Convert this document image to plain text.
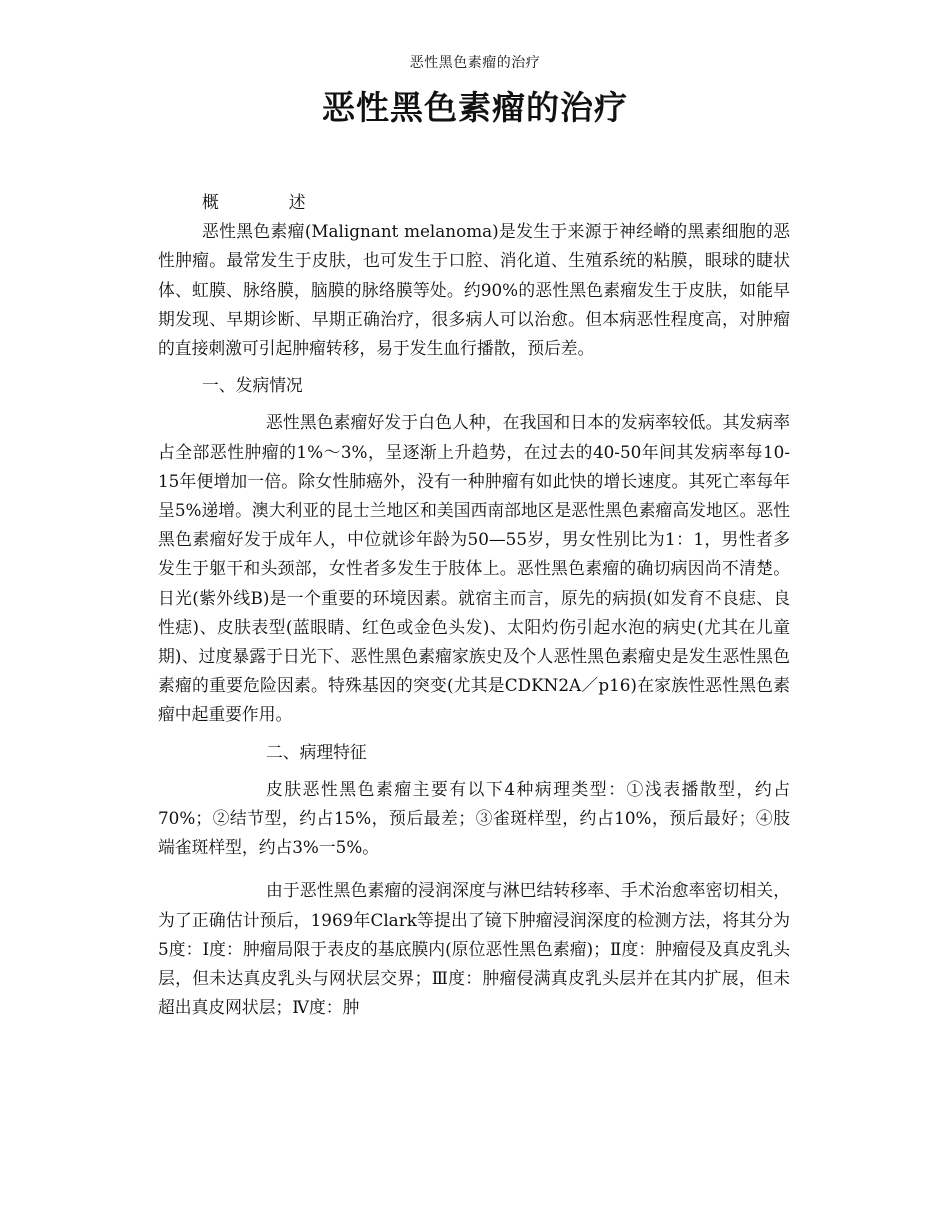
恶性黑色素瘤的治疗
恶性黑色素瘤的治疗

概	述

恶性黑色素瘤(Malignant melanoma)是发生于来源于神经嵴的黑素细胞的恶性肿瘤。最常发生于皮肤，也可发生于口腔、消化道、生殖系统的粘膜，眼球的睫状体、虹膜、脉络膜，脑膜的脉络膜等处。约90%的恶性黑色素瘤发生于皮肤，如能早期发现、早期诊断、早期正确治疗，很多病人可以治愈。但本病恶性程度高，对肿瘤的直接刺激可引起肿瘤转移，易于发生血行播散，预后差。

一、发病情况

恶性黑色素瘤好发于白色人种，在我国和日本的发病率较低。其发病率占全部恶性肿瘤的1%～3%，呈逐渐上升趋势，在过去的40-50年间其发病率每10-15年便增加一倍。除女性肺癌外，没有一种肿瘤有如此快的增长速度。其死亡率每年呈5%递增。澳大利亚的昆士兰地区和美国西南部地区是恶性黑色素瘤高发地区。恶性黑色素瘤好发于成年人，中位就诊年龄为50—55岁，男女性别比为1：1，男性者多发生于躯干和头颈部，女性者多发生于肢体上。恶性黑色素瘤的确切病因尚不清楚。日光(紫外线B)是一个重要的环境因素。就宿主而言，原先的病损(如发育不良痣、良性痣)、皮肤表型(蓝眼睛、红色或金色头发)、太阳灼伤引起水泡的病史(尤其在儿童期)、过度暴露于日光下、恶性黑色素瘤家族史及个人恶性黑色素瘤史是发生恶性黑色素瘤的重要危险因素。特殊基因的突变(尤其是CDKN2A／p16)在家族性恶性黑色素瘤中起重要作用。

二、病理特征

皮肤恶性黑色素瘤主要有以下4种病理类型：①浅表播散型，约占70%；②结节型，约占15%，预后最差；③雀斑样型，约占10%，预后最好；④肢端雀斑样型，约占3%一5%。

由于恶性黑色素瘤的浸润深度与淋巴结转移率、手术治愈率密切相关，为了正确估计预后，1969年Clark等提出了镜下肿瘤浸润深度的检测方法，将其分为5度：Ⅰ度：肿瘤局限于表皮的基底膜内(原位恶性黑色素瘤)；Ⅱ度：肿瘤侵及真皮乳头层，但未达真皮乳头与网状层交界；Ⅲ度：肿瘤侵满真皮乳头层并在其内扩展，但未超出真皮网状层；Ⅳ度：肿
